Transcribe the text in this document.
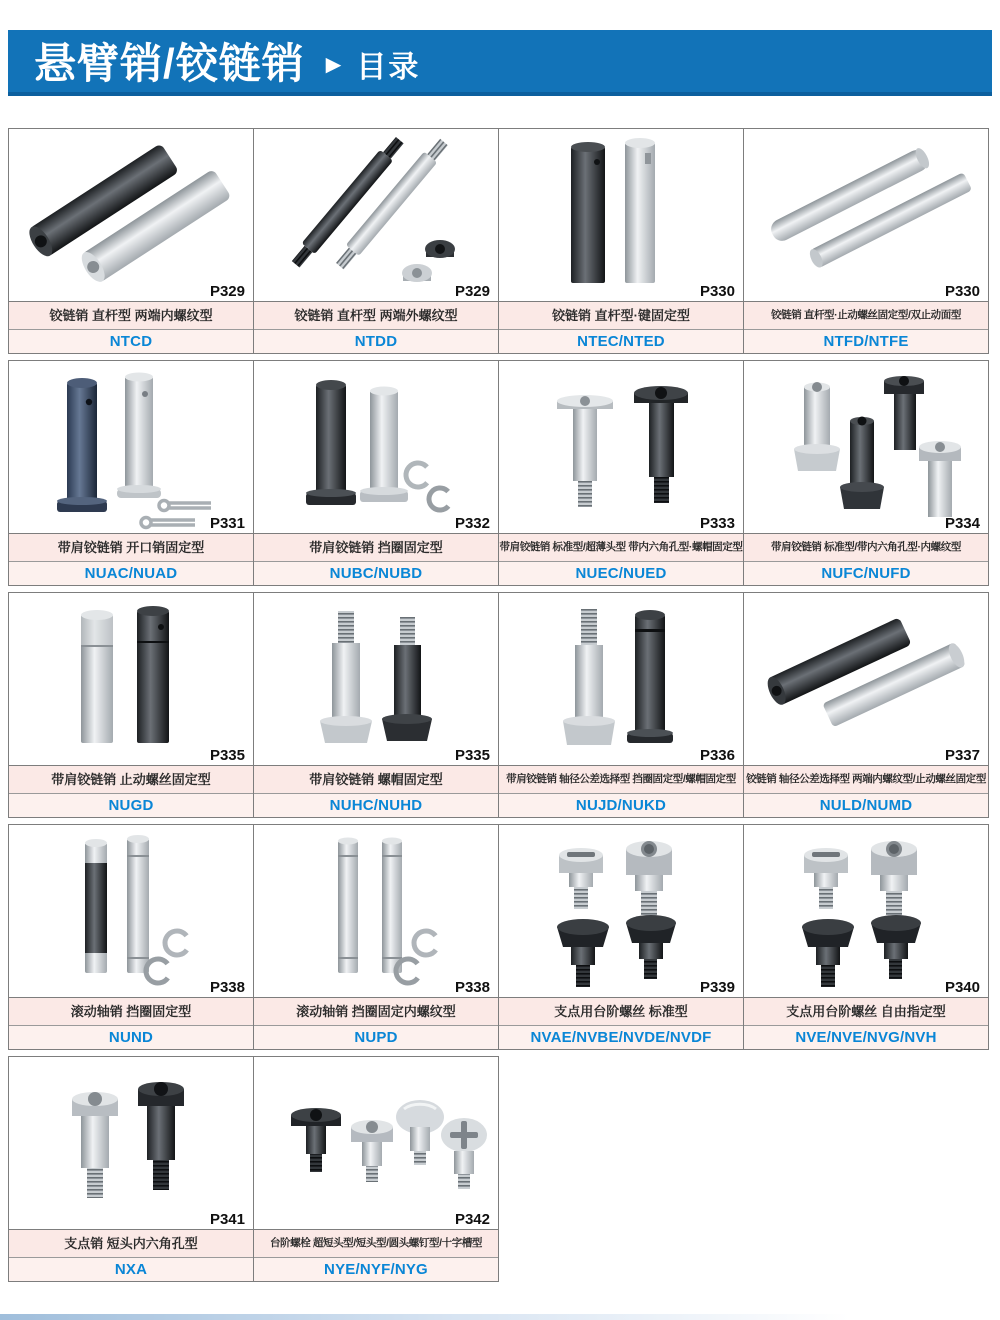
悬臂销/铰链销 ► 目录
P329
铰链销 直杆型 两端内螺纹型
NTCD
P329
铰链销 直杆型 两端外螺纹型
NTDD
P330
铰链销 直杆型·键固定型
NTEC/NTED
P330
铰链销 直杆型·止动螺丝固定型/双止动面型
NTFD/NTFE
P331
带肩铰链销 开口销固定型
NUAC/NUAD
P332
带肩铰链销 挡圈固定型
NUBC/NUBD
P333
带肩铰链销 标准型/超薄头型 带内六角孔型·螺帽固定型
NUEC/NUED
P334
带肩铰链销 标准型/带内六角孔型·内螺纹型
NUFC/NUFD
P335
带肩铰链销 止动螺丝固定型
NUGD
P335
带肩铰链销 螺帽固定型
NUHC/NUHD
P336
带肩铰链销 轴径公差选择型 挡圈固定型/螺帽固定型
NUJD/NUKD
P337
铰链销 轴径公差选择型 两端内螺纹型/止动螺丝固定型
NULD/NUMD
P338
滚动轴销 挡圈固定型
NUND
P338
滚动轴销 挡圈固定内螺纹型
NUPD
P339
支点用台阶螺丝 标准型
NVAE/NVBE/NVDE/NVDF
P340
支点用台阶螺丝 自由指定型
NVE/NVE/NVG/NVH
P341
支点销 短头内六角孔型
NXA
P342
台阶螺栓 超短头型/短头型/圆头螺钉型/十字槽型
NYE/NYF/NYG
